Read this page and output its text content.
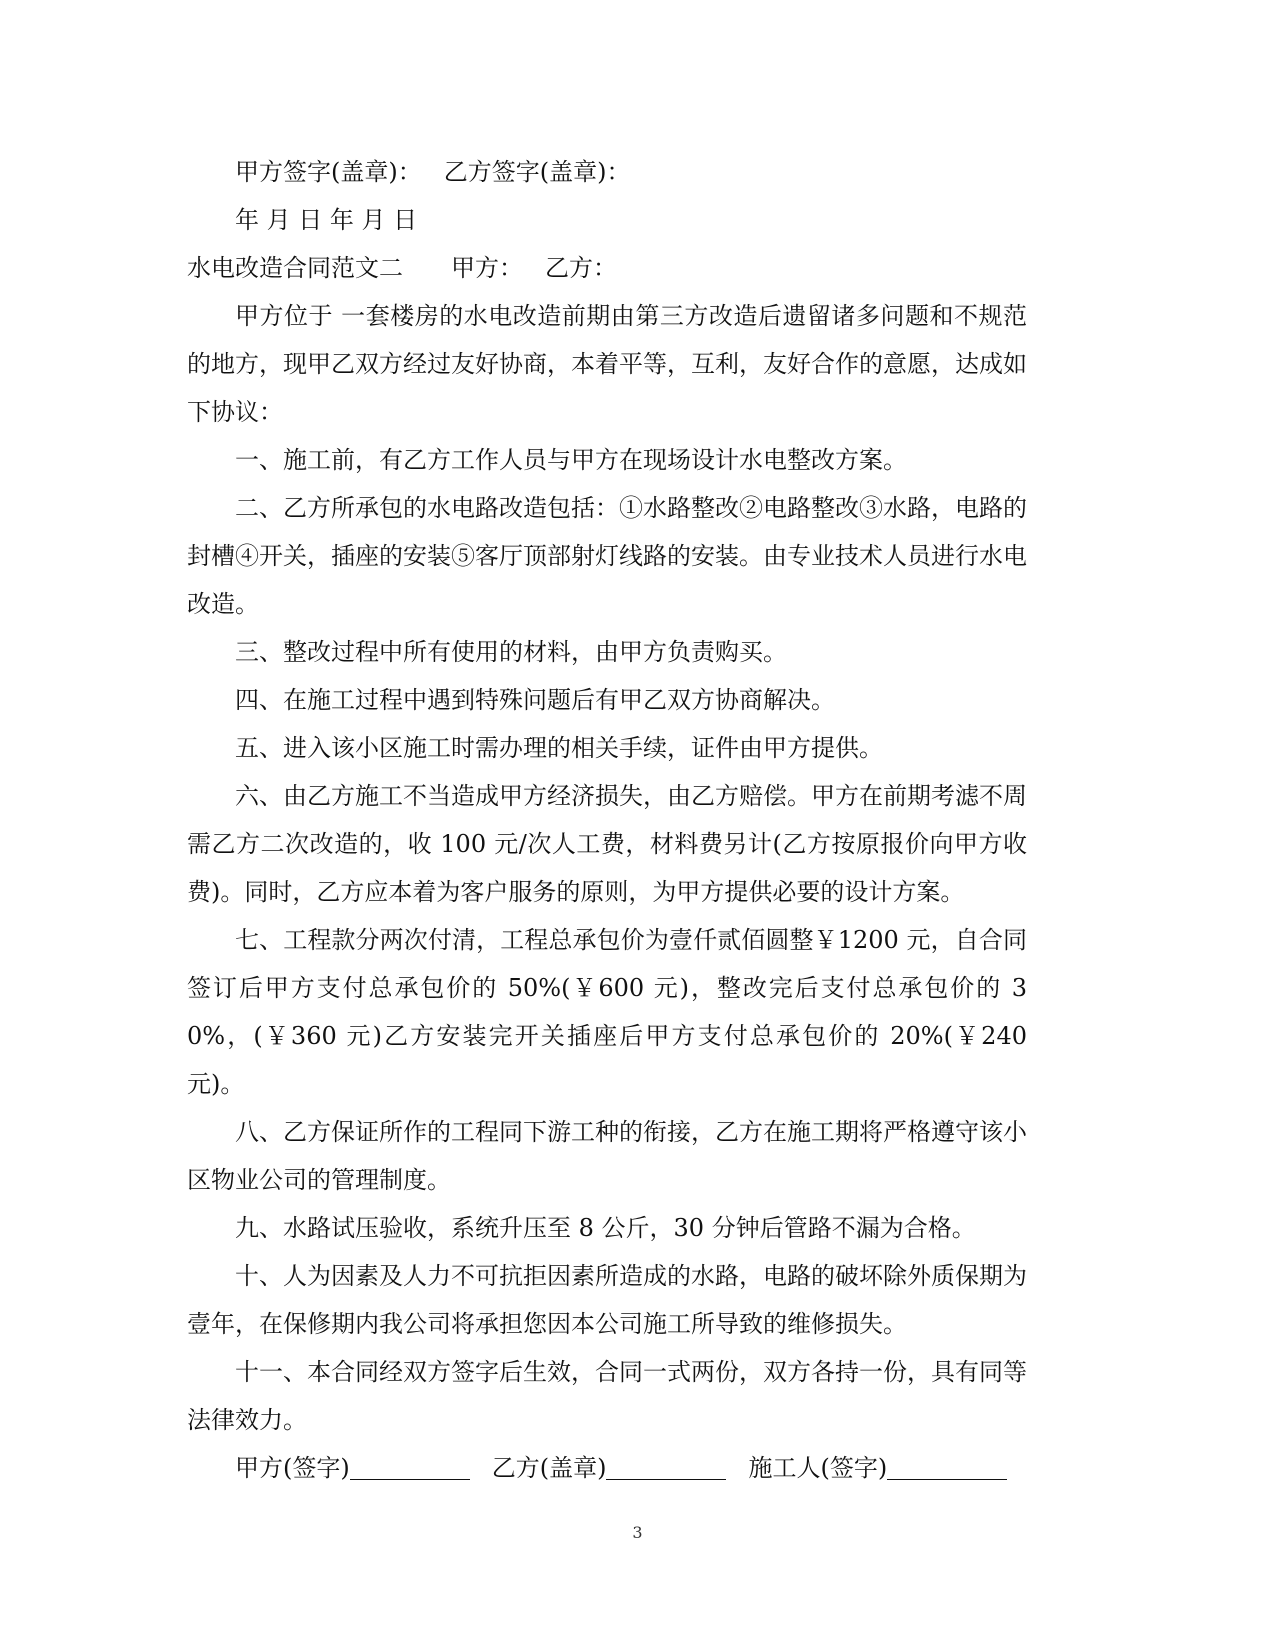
甲方签字(盖章)： 乙方签字(盖章)：

年 月 日 年 月 日

水电改造合同范文二 甲方： 乙方：

甲方位于 一套楼房的水电改造前期由第三方改造后遗留诸多问题和不规范的地方，现甲乙双方经过友好协商，本着平等，互利，友好合作的意愿，达成如下协议：

一、施工前，有乙方工作人员与甲方在现场设计水电整改方案。

二、乙方所承包的水电路改造包括：①水路整改②电路整改③水路，电路的封槽④开关，插座的安装⑤客厅顶部射灯线路的安装。由专业技术人员进行水电改造。

三、整改过程中所有使用的材料，由甲方负责购买。

四、在施工过程中遇到特殊问题后有甲乙双方协商解决。

五、进入该小区施工时需办理的相关手续，证件由甲方提供。

六、由乙方施工不当造成甲方经济损失，由乙方赔偿。甲方在前期考滤不周需乙方二次改造的，收 100 元/次人工费，材料费另计(乙方按原报价向甲方收费)。同时，乙方应本着为客户服务的原则，为甲方提供必要的设计方案。

七、工程款分两次付清，工程总承包价为壹仟贰佰圆整￥1200 元，自合同签订后甲方支付总承包价的 50%(￥600 元)，整改完后支付总承包价的 30%，(￥360 元)乙方安装完开关插座后甲方支付总承包价的 20%(￥240 元)。

八、乙方保证所作的工程同下游工种的衔接，乙方在施工期将严格遵守该小区物业公司的管理制度。

九、水路试压验收，系统升压至 8 公斤，30 分钟后管路不漏为合格。

十、人为因素及人力不可抗拒因素所造成的水路，电路的破坏除外质保期为壹年，在保修期内我公司将承担您因本公司施工所导致的维修损失。

十一、本合同经双方签字后生效，合同一式两份，双方各持一份，具有同等法律效力。

甲方(签字)	乙方(盖章)	施工人(签字)

3
